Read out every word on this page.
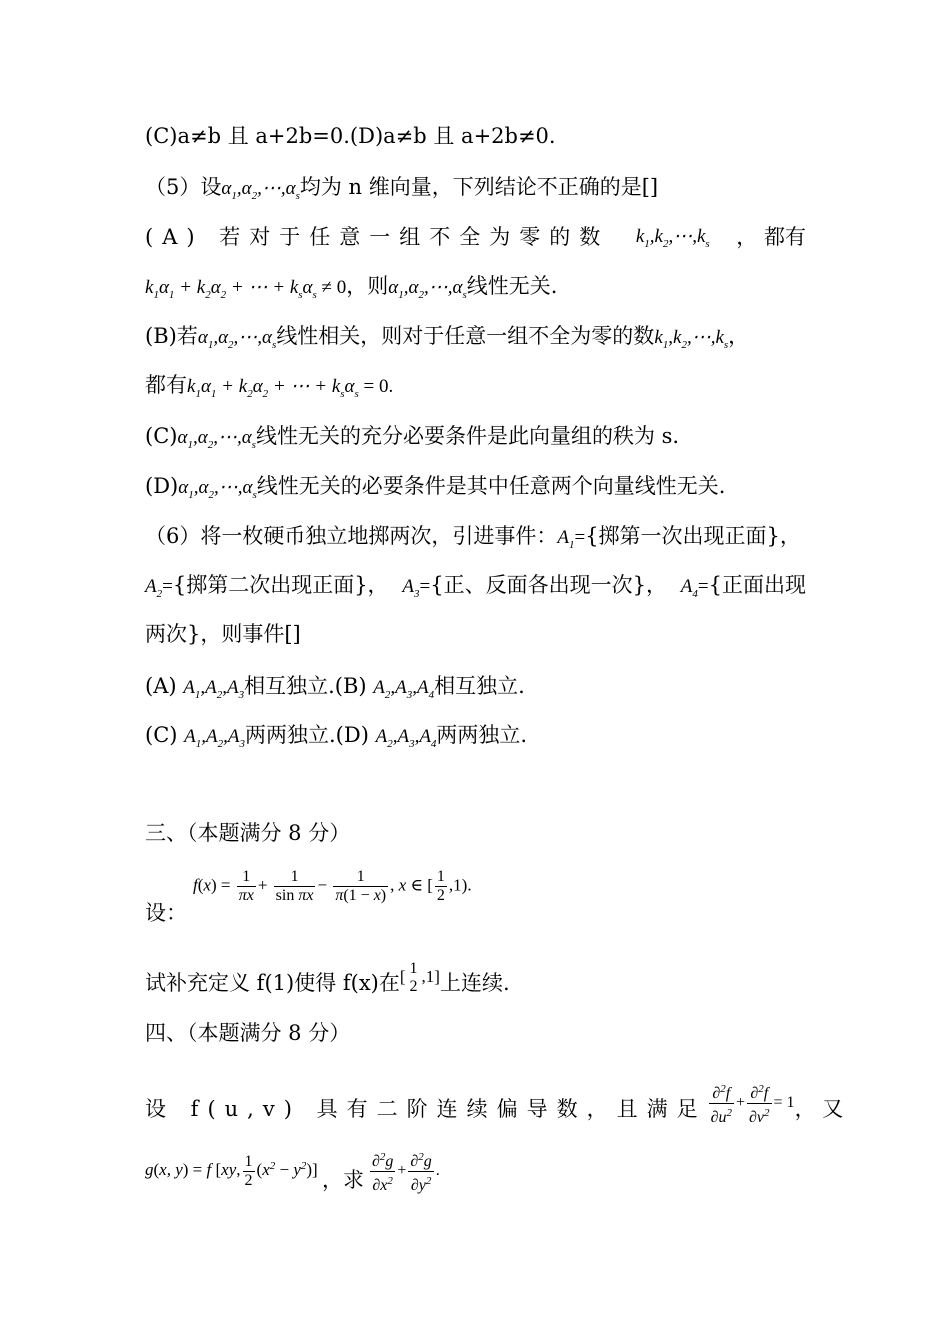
(C)a≠b 且 a+2b=0.(D)a≠b 且 a+2b≠0.
（5）设$\alpha_1,\alpha_2,\cdots,\alpha_s$均为 n 维向量，下列结论不正确的是[]
(A) 若对于任意一组不全为零的数 $k_1,k_2,\cdots,k_s$ ， 都有
$k_1\alpha_1 + k_2\alpha_2$ + ⋯ + $k_s\alpha_s \ne 0$，则$\alpha_1,\alpha_2,\cdots,\alpha_s$线性无关.
(B)若$\alpha_1,\alpha_2,\cdots,\alpha_s$线性相关，则对于任意一组不全为零的数$k_1,k_2,\cdots,k_s$，
都有$k_1\alpha_1 + k_2\alpha_2$ + ⋯ + $k_s\alpha_s = 0$.
$(C)\alpha_1,\alpha_2,\cdots,\alpha_s$线性无关的充分必要条件是此向量组的秩为 s.
$(D)\alpha_1,\alpha_2,\cdots,\alpha_s$线性无关的必要条件是其中任意两个向量线性无关.
（6）将一枚硬币独立地掷两次，引进事件：$A_1=${掷第一次出现正面}，
$A_2=${掷第二次出现正面}， $A_3=${正、反面各出现一次}， $A_4=${正面出现
两次}，则事件[]
(A) $A_1,A_2,A_3$相互独立.(B) $A_2,A_3,A_4$相互独立.
(C) $A_1,A_2,A_3$两两独立.(D) $A_2,A_3,A_4$两两独立.
三、（本题满分 8 分）
设：
$f(x) = \frac{1}{\pi x} + \frac{1}{\text{sin πx}} - \frac{1}{\pi(1 - x)}$ , x ∈ [ $\frac{1}{2} ,1$).
试补充定义 f(1)使得 f(x)在[ 1
2
,1]上连续.
四、（本题满分 8 分）
设 f(u,v) 具有二阶连续偏导数，且满足 $\frac{\partial^2f}{\partial u^2} + \frac{\partial^2f}{\partial v^2} = 1$ ， 又
g(x, y) = f [xy, $\frac{1}{2} (x^2 - y^2)$] ，求 $\frac{\partial^2g}{\partial x^2} + \frac{\partial^2g}{\partial y^2}$ .
